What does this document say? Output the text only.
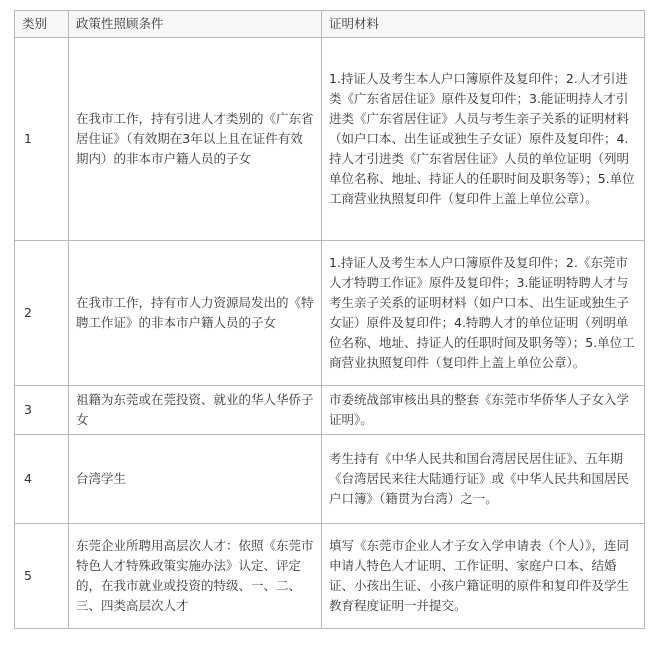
类别	政策性照顾条件	证明材料
1	在我市工作，持有引进人才类别的《广东省居住证》（有效期在3年以上且在证件有效期内）的非本市户籍人员的子女	1.持证人及考生本人户口簿原件及复印件；2.人才引进类《广东省居住证》原件及复印件；3.能证明持人才引进类《广东省居住证》人员与考生亲子关系的证明材料（如户口本、出生证或独生子女证）原件及复印件；4.持人才引进类《广东省居住证》人员的单位证明（列明单位名称、地址、持证人的任职时间及职务等）；5.单位工商营业执照复印件（复印件上盖上单位公章）。
2	在我市工作，持有市人力资源局发出的《特聘工作证》的非本市户籍人员的子女	1.持证人及考生本人户口簿原件及复印件；2.《东莞市人才特聘工作证》原件及复印件；3.能证明特聘人才与考生亲子关系的证明材料（如户口本、出生证或独生子女证）原件及复印件；4.特聘人才的单位证明（列明单位名称、地址、持证人的任职时间及职务等）；5.单位工商营业执照复印件（复印件上盖上单位公章）。
3	祖籍为东莞或在莞投资、就业的华人华侨子女	市委统战部审核出具的整套《东莞市华侨华人子女入学证明》。
4	台湾学生	考生持有《中华人民共和国台湾居民居住证》、五年期《台湾居民来往大陆通行证》或《中华人民共和国居民户口簿》（籍贯为台湾）之一。
5	东莞企业所聘用高层次人才：依照《东莞市特色人才特殊政策实施办法》认定、评定的，在我市就业或投资的特级、一、二、三、四类高层次人才	填写《东莞市企业人才子女入学申请表（个人）》，连同申请人特色人才证明、工作证明、家庭户口本、结婚证、小孩出生证、小孩户籍证明的原件和复印件及学生教育程度证明一并提交。
